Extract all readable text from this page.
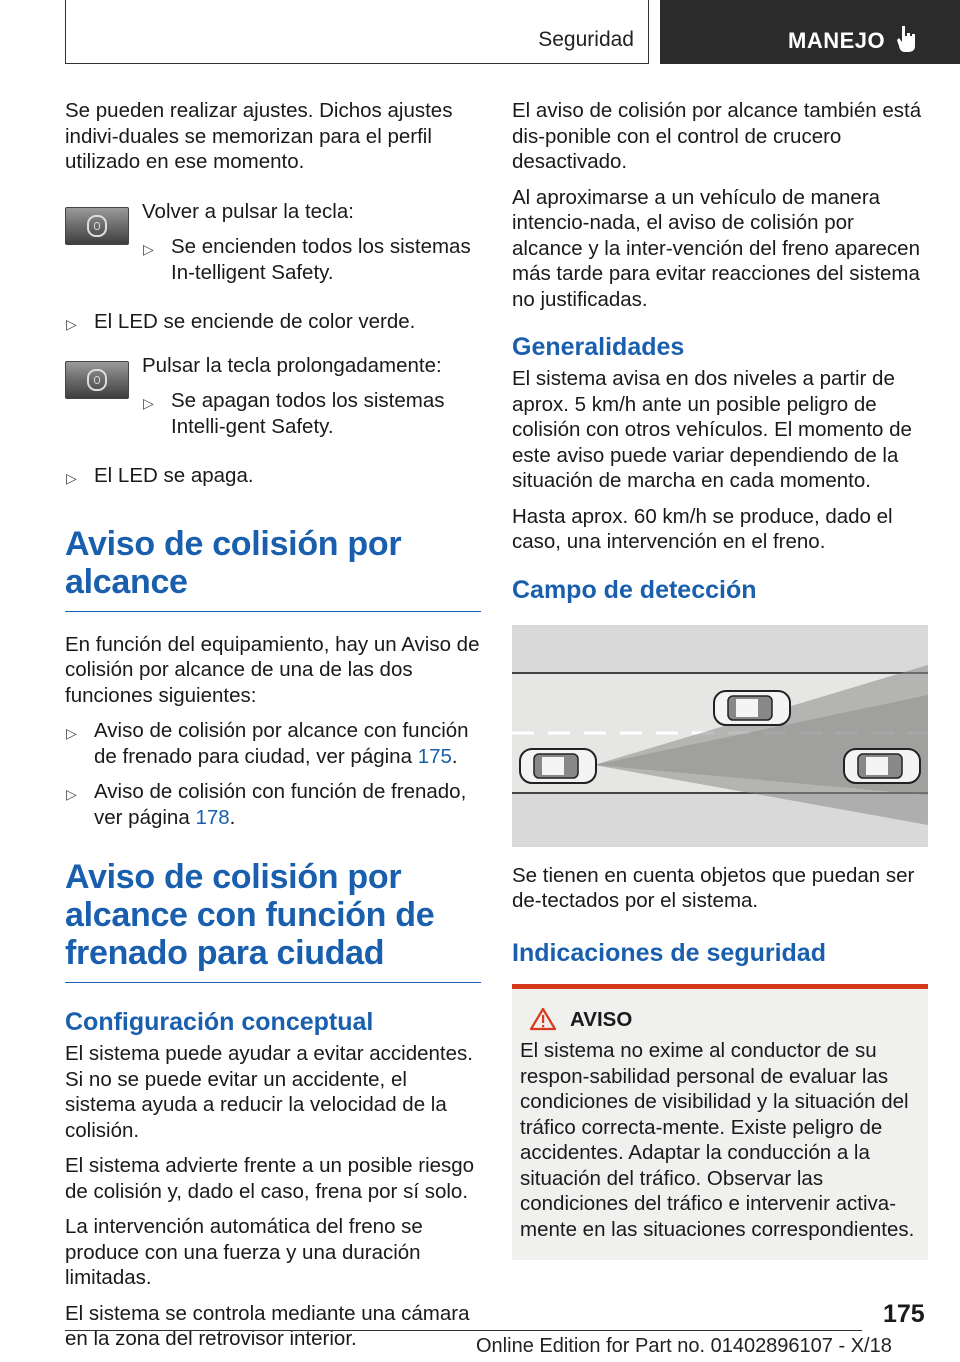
Seguridad	MANEJO

Se pueden realizar ajustes. Dichos ajustes indivi-duales se memorizan para el perfil utilizado en ese momento.

Volver a pulsar la tecla:

▷ Se encienden todos los sistemas In-telligent Safety.
▷ El LED se enciende de color verde.

Pulsar la tecla prolongadamente:

▷ Se apagan todos los sistemas Intelli-gent Safety.
▷ El LED se apaga.
Aviso de colisión por alcance

En función del equipamiento, hay un Aviso de colisión por alcance de una de las dos funciones siguientes:

▷ Aviso de colisión por alcance con función de frenado para ciudad, ver página 175.
▷ Aviso de colisión con función de frenado, ver página 178.
Aviso de colisión por alcance con función de frenado para ciudad
Configuración conceptual

El sistema puede ayudar a evitar accidentes. Si no se puede evitar un accidente, el sistema ayuda a reducir la velocidad de la colisión.

El sistema advierte frente a un posible riesgo de colisión y, dado el caso, frena por sí solo.

La intervención automática del freno se produce con una fuerza y una duración limitadas.

El sistema se controla mediante una cámara en la zona del retrovisor interior.

El aviso de colisión por alcance también está dis-ponible con el control de crucero desactivado.

Al aproximarse a un vehículo de manera intencio-nada, el aviso de colisión por alcance y la inter-vención del freno aparecen más tarde para evitar reacciones del sistema no justificadas.

Generalidades

El sistema avisa en dos niveles a partir de aprox. 5 km/h ante un posible peligro de colisión con otros vehículos. El momento de este aviso puede variar dependiendo de la situación de marcha en cada momento.

Hasta aprox. 60 km/h se produce, dado el caso, una intervención en el freno.

Campo de detección

Se tienen en cuenta objetos que puedan ser de-tectados por el sistema.

Indicaciones de seguridad
AVISO

El sistema no exime al conductor de su respon-sabilidad personal de evaluar las condiciones de visibilidad y la situación del tráfico correcta-mente. Existe peligro de accidentes. Adaptar la conducción a la situación del tráfico. Observar las condiciones del tráfico e intervenir activa-mente en las situaciones correspondientes.

175
Online Edition for Part no. 01402896107 - X/18
